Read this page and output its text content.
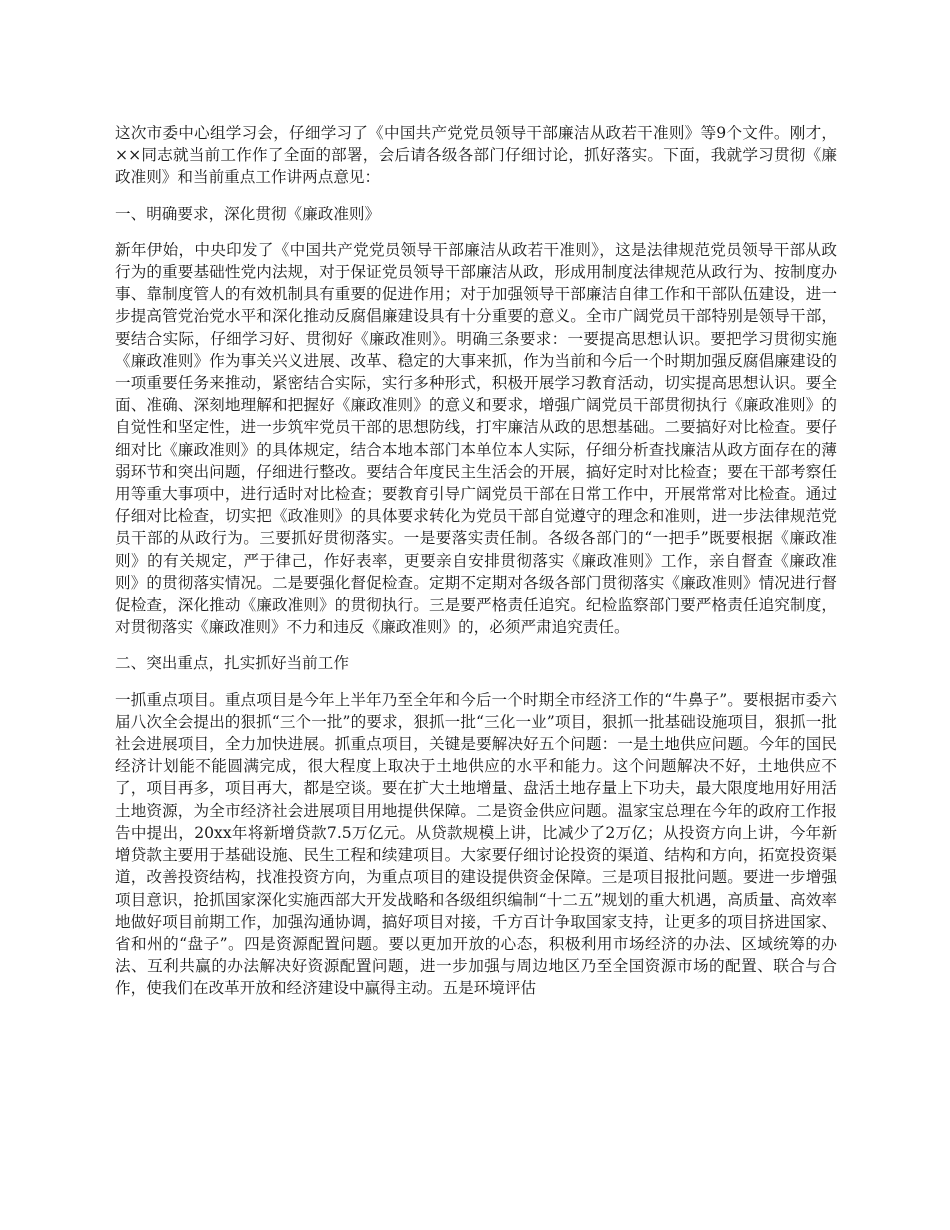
这次市委中心组学习会，仔细学习了《中国共产党党员领导干部廉洁从政若干准则》等9个文件。刚才，××同志就当前工作作了全面的部署，会后请各级各部门仔细讨论，抓好落实。下面，我就学习贯彻《廉政准则》和当前重点工作讲两点意见：

一、明确要求，深化贯彻《廉政准则》

新年伊始，中央印发了《中国共产党党员领导干部廉洁从政若干准则》，这是法律规范党员领导干部从政行为的重要基础性党内法规，对于保证党员领导干部廉洁从政，形成用制度法律规范从政行为、按制度办事、靠制度管人的有效机制具有重要的促进作用；对于加强领导干部廉洁自律工作和干部队伍建设，进一步提高管党治党水平和深化推动反腐倡廉建设具有十分重要的意义。全市广阔党员干部特别是领导干部，要结合实际，仔细学习好、贯彻好《廉政准则》。明确三条要求：一要提高思想认识。要把学习贯彻实施《廉政准则》作为事关兴义进展、改革、稳定的大事来抓，作为当前和今后一个时期加强反腐倡廉建设的一项重要任务来推动，紧密结合实际，实行多种形式，积极开展学习教育活动，切实提高思想认识。要全面、准确、深刻地理解和把握好《廉政准则》的意义和要求，增强广阔党员干部贯彻执行《廉政准则》的自觉性和坚定性，进一步筑牢党员干部的思想防线，打牢廉洁从政的思想基础。二要搞好对比检查。要仔细对比《廉政准则》的具体规定，结合本地本部门本单位本人实际，仔细分析查找廉洁从政方面存在的薄弱环节和突出问题，仔细进行整改。要结合年度民主生活会的开展，搞好定时对比检查；要在干部考察任用等重大事项中，进行适时对比检查；要教育引导广阔党员干部在日常工作中，开展常常对比检查。通过仔细对比检查，切实把《政准则》的具体要求转化为党员干部自觉遵守的理念和准则，进一步法律规范党员干部的从政行为。三要抓好贯彻落实。一是要落实责任制。各级各部门的“一把手”既要根据《廉政准则》的有关规定，严于律己，作好表率，更要亲自安排贯彻落实《廉政准则》工作，亲自督查《廉政准则》的贯彻落实情况。二是要强化督促检查。定期不定期对各级各部门贯彻落实《廉政准则》情况进行督促检查，深化推动《廉政准则》的贯彻执行。三是要严格责任追究。纪检监察部门要严格责任追究制度，对贯彻落实《廉政准则》不力和违反《廉政准则》的，必须严肃追究责任。

二、突出重点，扎实抓好当前工作

一抓重点项目。重点项目是今年上半年乃至全年和今后一个时期全市经济工作的“牛鼻子”。要根据市委六届八次全会提出的狠抓“三个一批”的要求，狠抓一批“三化一业”项目，狠抓一批基础设施项目，狠抓一批社会进展项目，全力加快进展。抓重点项目，关键是要解决好五个问题：一是土地供应问题。今年的国民经济计划能不能圆满完成，很大程度上取决于土地供应的水平和能力。这个问题解决不好，土地供应不了，项目再多，项目再大，都是空谈。要在扩大土地增量、盘活土地存量上下功夫，最大限度地用好用活土地资源，为全市经济社会进展项目用地提供保障。二是资金供应问题。温家宝总理在今年的政府工作报告中提出，20xx年将新增贷款7.5万亿元。从贷款规模上讲，比减少了2万亿；从投资方向上讲，今年新增贷款主要用于基础设施、民生工程和续建项目。大家要仔细讨论投资的渠道、结构和方向，拓宽投资渠道，改善投资结构，找准投资方向，为重点项目的建设提供资金保障。三是项目报批问题。要进一步增强项目意识，抢抓国家深化实施西部大开发战略和各级组织编制“十二五”规划的重大机遇，高质量、高效率地做好项目前期工作，加强沟通协调，搞好项目对接，千方百计争取国家支持，让更多的项目挤进国家、省和州的“盘子”。四是资源配置问题。要以更加开放的心态，积极利用市场经济的办法、区域统筹的办法、互利共赢的办法解决好资源配置问题，进一步加强与周边地区乃至全国资源市场的配置、联合与合作，使我们在改革开放和经济建设中赢得主动。五是环境评估
